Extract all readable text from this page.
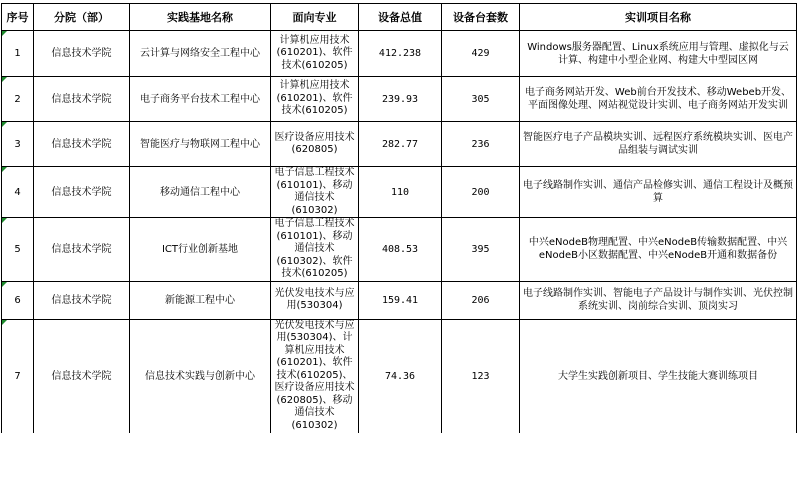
序号	分院（部）	实践基地名称	面向专业	设备总值	设备台套数	实训项目名称

1	信息技术学院	云计算与网络安全工程中心	计算机应用技术(610201)、软件技术(610205)	412.238	429	Windows服务器配置、Linux系统应用与管理、虚拟化与云计算、构建中小型企业网、构建大中型园区网

2	信息技术学院	电子商务平台技术工程中心	计算机应用技术(610201)、软件技术(610205)	239.93	305	电子商务网站开发、Web前台开发技术、移动Webeb开发、平面图像处理、网站视觉设计实训、电子商务网站开发实训

3	信息技术学院	智能医疗与物联网工程中心	医疗设备应用技术(620805)	282.77	236	智能医疗电子产品模块实训、远程医疗系统模块实训、医电产品组装与调试实训

4	信息技术学院	移动通信工程中心	电子信息工程技术(610101)、移动通信技术(610302)	110	200	电子线路制作实训、通信产品检修实训、通信工程设计及概预算

5	信息技术学院	ICT行业创新基地	电子信息工程技术(610101)、移动通信技术(610302)、软件技术(610205)	408.53	395	中兴eNodeB物理配置、中兴eNodeB传输数据配置、中兴eNodeB小区数据配置、中兴eNodeB开通和数据备份

6	信息技术学院	新能源工程中心	光伏发电技术与应用(530304)	159.41	206	电子线路制作实训、智能电子产品设计与制作实训、光伏控制系统实训、岗前综合实训、顶岗实习

7	信息技术学院	信息技术实践与创新中心	光伏发电技术与应用(530304)、计算机应用技术(610201)、软件技术(610205)、医疗设备应用技术(620805)、移动通信技术(610302)	74.36	123	大学生实践创新项目、学生技能大赛训练项目
